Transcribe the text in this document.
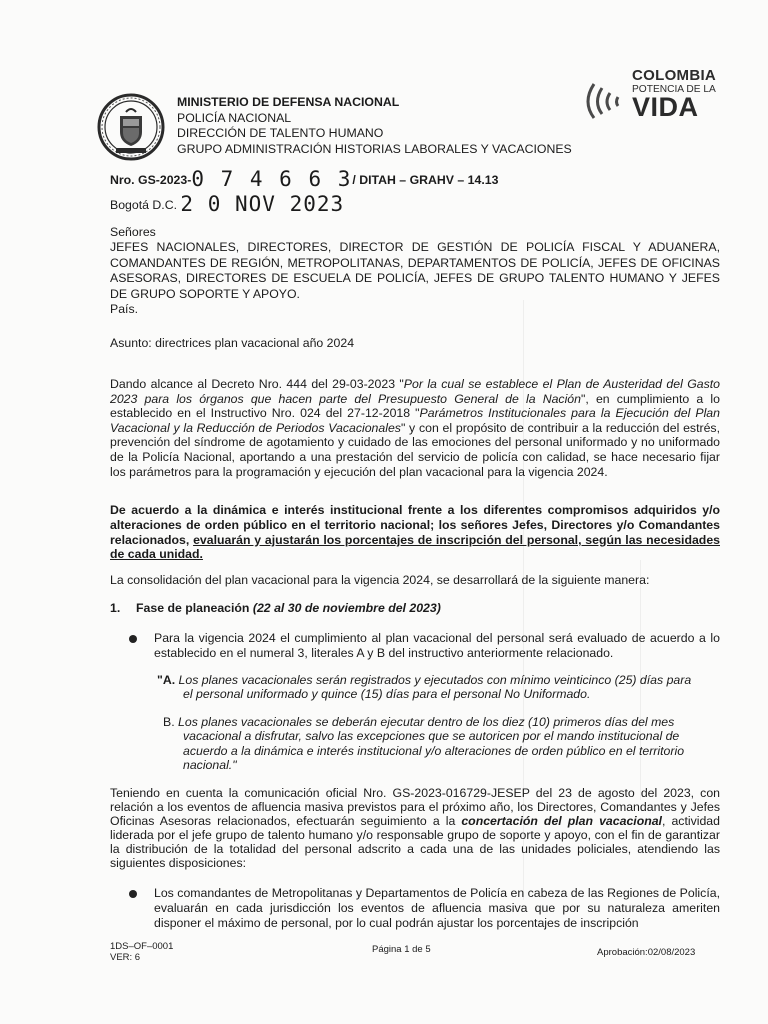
MINISTERIO DE DEFENSA NACIONAL
POLICÍA NACIONAL
DIRECCIÓN DE TALENTO HUMANO
GRUPO ADMINISTRACIÓN HISTORIAS LABORALES Y VACACIONES
COLOMBIA
POTENCIA DE LA
VIDA
Nro. GS-2023-0 7 4 6 6 3/ DITAH – GRAHV – 14.13
Bogotá D.C. 2 0 NOV 2023
Señores
JEFES NACIONALES, DIRECTORES, DIRECTOR DE GESTIÓN DE POLICÍA FISCAL Y ADUANERA, COMANDANTES DE REGIÓN, METROPOLITANAS, DEPARTAMENTOS DE POLICÍA, JEFES DE OFICINAS ASESORAS, DIRECTORES DE ESCUELA DE POLICÍA, JEFES DE GRUPO TALENTO HUMANO Y JEFES DE GRUPO SOPORTE Y APOYO.
País.
Asunto: directrices plan vacacional año 2024
Dando alcance al Decreto Nro. 444 del 29-03-2023 "Por la cual se establece el Plan de Austeridad del Gasto 2023 para los órganos que hacen parte del Presupuesto General de la Nación", en cumplimiento a lo establecido en el Instructivo Nro. 024 del 27-12-2018 "Parámetros Institucionales para la Ejecución del Plan Vacacional y la Reducción de Periodos Vacacionales" y con el propósito de contribuir a la reducción del estrés, prevención del síndrome de agotamiento y cuidado de las emociones del personal uniformado y no uniformado de la Policía Nacional, aportando a una prestación del servicio de policía con calidad, se hace necesario fijar los parámetros para la programación y ejecución del plan vacacional para la vigencia 2024.
De acuerdo a la dinámica e interés institucional frente a los diferentes compromisos adquiridos y/o alteraciones de orden público en el territorio nacional; los señores Jefes, Directores y/o Comandantes relacionados, evaluarán y ajustarán los porcentajes de inscripción del personal, según las necesidades de cada unidad.
La consolidación del plan vacacional para la vigencia 2024, se desarrollará de la siguiente manera:
1. Fase de planeación (22 al 30 de noviembre del 2023)
Para la vigencia 2024 el cumplimiento al plan vacacional del personal será evaluado de acuerdo a lo establecido en el numeral 3, literales A y B del instructivo anteriormente relacionado.
"A. Los planes vacacionales serán registrados y ejecutados con mínimo veinticinco (25) días para
el personal uniformado y quince (15) días para el personal No Uniformado.
B. Los planes vacacionales se deberán ejecutar dentro de los diez (10) primeros días del mes
vacacional a disfrutar, salvo las excepciones que se autoricen por el mando institucional de acuerdo a la dinámica e interés institucional y/o alteraciones de orden público en el territorio nacional."
Teniendo en cuenta la comunicación oficial Nro. GS-2023-016729-JESEP del 23 de agosto del 2023, con relación a los eventos de afluencia masiva previstos para el próximo año, los Directores, Comandantes y Jefes Oficinas Asesoras relacionados, efectuarán seguimiento a la concertación del plan vacacional, actividad liderada por el jefe grupo de talento humano y/o responsable grupo de soporte y apoyo, con el fin de garantizar la distribución de la totalidad del personal adscrito a cada una de las unidades policiales, atendiendo las siguientes disposiciones:
Los comandantes de Metropolitanas y Departamentos de Policía en cabeza de las Regiones de Policía, evaluarán en cada jurisdicción los eventos de afluencia masiva que por su naturaleza ameriten disponer el máximo de personal, por lo cual podrán ajustar los porcentajes de inscripción
1DS–OF–0001
VER: 6
Página 1 de 5	Aprobación:02/08/2023
